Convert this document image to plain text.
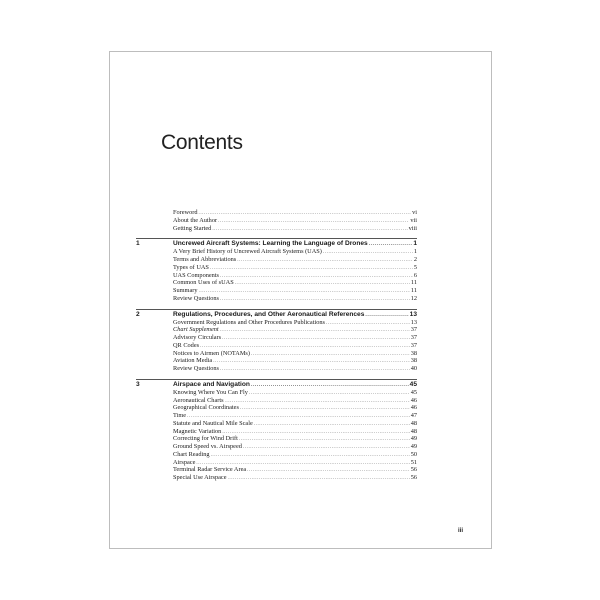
Contents
Foreword .....	vi
About the Author .....	vii
Getting Started .....	viii
1	Uncrewed Aircraft Systems: Learning the Language of Drones .....	1
A Very Brief History of Uncrewed Aircraft Systems (UAS) .....	1
Terms and Abbreviations .....	2
Types of UAS .....	5
UAS Components .....	6
Common Uses of sUAS .....	11
Summary .....	11
Review Questions .....	12
2	Regulations, Procedures, and Other Aeronautical References .....	13
Government Regulations and Other Procedures Publications .....	13
Chart Supplement .....	37
Advisory Circulars .....	37
QR Codes .....	37
Notices to Airmen (NOTAMs) .....	38
Aviation Media .....	38
Review Questions .....	40
3	Airspace and Navigation .....	45
Knowing Where You Can Fly .....	45
Aeronautical Charts .....	46
Geographical Coordinates .....	46
Time .....	47
Statute and Nautical Mile Scale .....	48
Magnetic Variation .....	48
Correcting for Wind Drift .....	49
Ground Speed vs. Airspeed .....	49
Chart Reading .....	50
Airspace .....	51
Terminal Radar Service Area .....	56
Special Use Airspace .....	56
iii
